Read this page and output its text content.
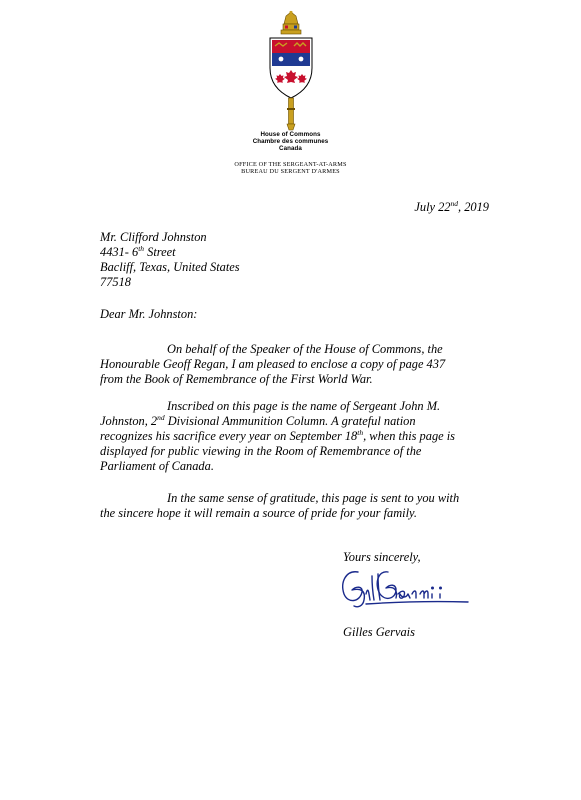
House of Commons
Chambre des communes
Canada
OFFICE OF THE SERGEANT-AT-ARMS
BUREAU DU SERGENT D'ARMES
July 22nd, 2019
Mr. Clifford Johnston
4431- 6th Street
Bacliff, Texas, United States
77518
Dear Mr. Johnston:
On behalf of the Speaker of the House of Commons, the
Honourable Geoff Regan, I am pleased to enclose a copy of page 437
from the Book of Remembrance of the First World War.
Inscribed on this page is the name of Sergeant John M.
Johnston, 2nd Divisional Ammunition Column. A grateful nation
recognizes his sacrifice every year on September 18th, when this page is
displayed for public viewing in the Room of Remembrance of the
Parliament of Canada.
In the same sense of gratitude, this page is sent to you with
the sincere hope it will remain a source of pride for your family.
Yours sincerely,
Gilles Gervais
